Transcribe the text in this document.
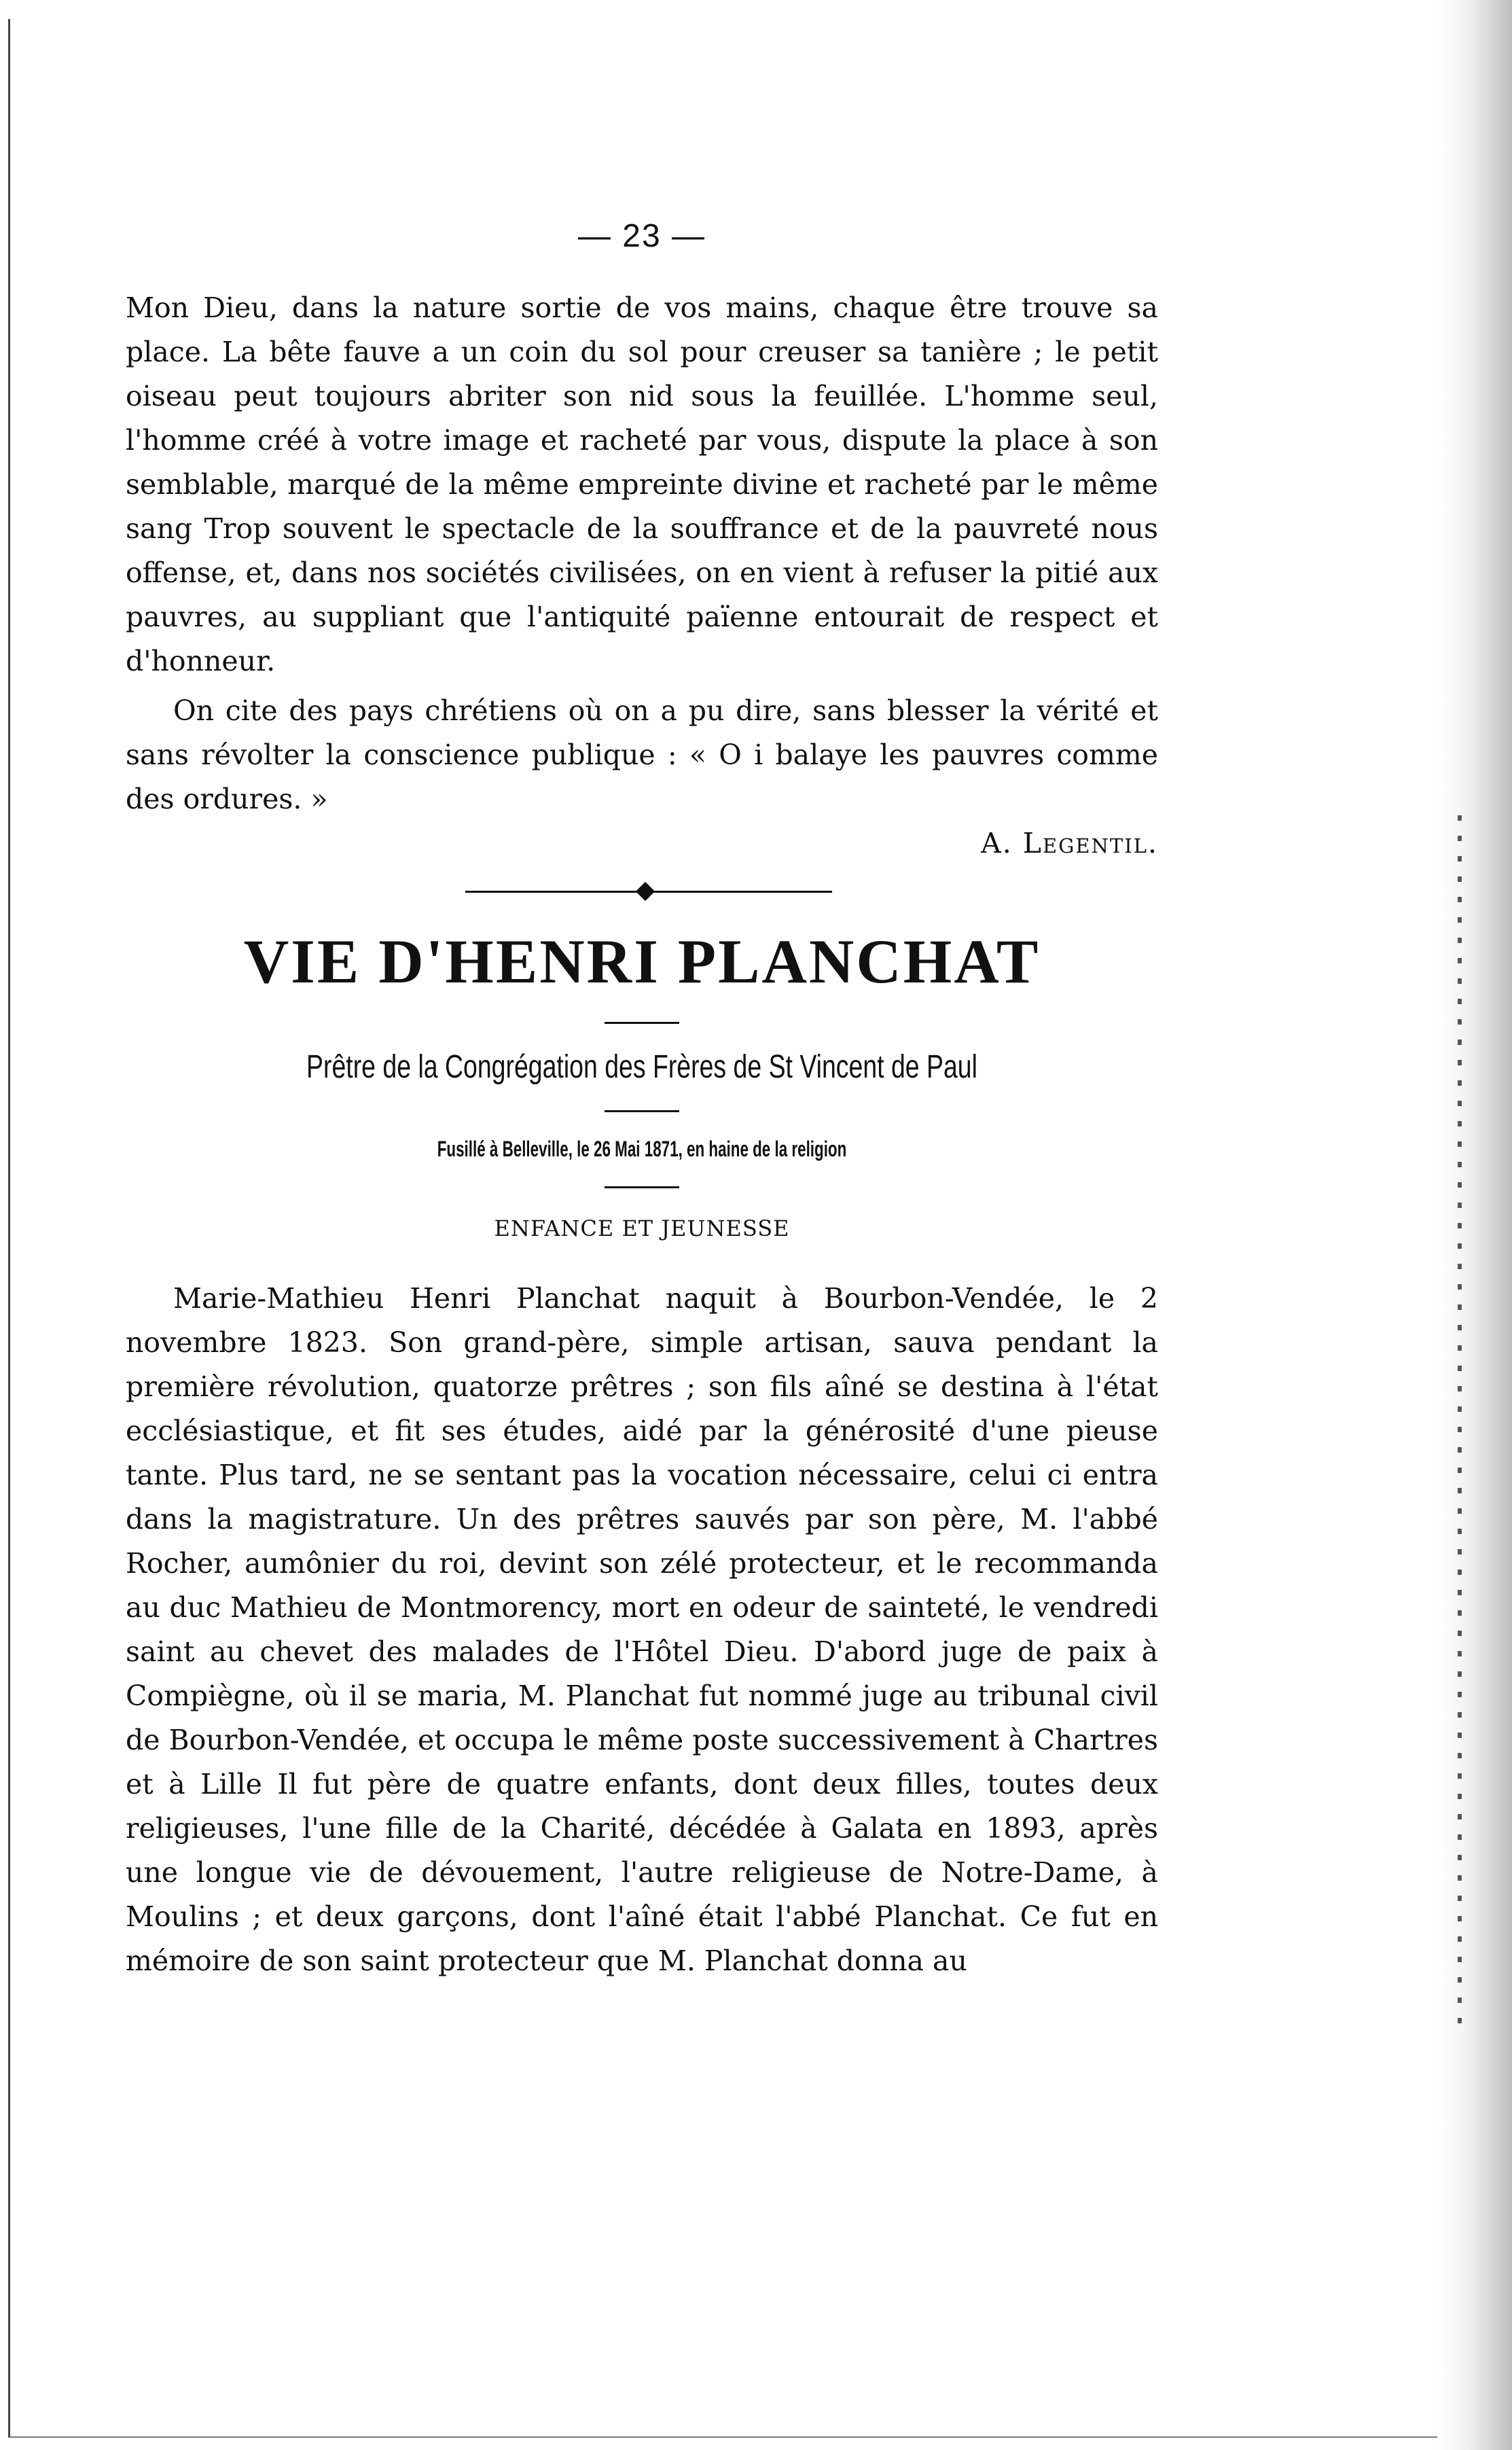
— 23 —

Mon Dieu, dans la nature sortie de vos mains, chaque être trouve sa place. La bête fauve a un coin du sol pour creuser sa tanière ; le petit oiseau peut toujours abriter son nid sous la feuillée. L'homme seul, l'homme créé à votre image et racheté par vous, dispute la place à son semblable, marqué de la même empreinte divine et racheté par le même sang Trop souvent le spectacle de la souffrance et de la pauvreté nous offense, et, dans nos sociétés civilisées, on en vient à refuser la pitié aux pauvres, au suppliant que l'antiquité païenne entourait de respect et d'honneur.

On cite des pays chrétiens où on a pu dire, sans blesser la vérité et sans révolter la conscience publique : « O i balaye les pauvres comme des ordures. »

A. Legentil.
VIE D'HENRI PLANCHAT
Prêtre de la Congrégation des Frères de St Vincent de Paul
Fusillé à Belleville, le 26 Mai 1871, en haine de la religion
ENFANCE ET JEUNESSE

Marie-Mathieu Henri Planchat naquit à Bourbon-Vendée, le 2 novembre 1823. Son grand-père, simple artisan, sauva pendant la première révolution, quatorze prêtres ; son fils aîné se destina à l'état ecclésiastique, et fit ses études, aidé par la générosité d'une pieuse tante. Plus tard, ne se sentant pas la vocation nécessaire, celui ci entra dans la magistrature. Un des prêtres sauvés par son père, M. l'abbé Rocher, aumônier du roi, devint son zélé protecteur, et le recommanda au duc Mathieu de Montmorency, mort en odeur de sainteté, le vendredi saint au chevet des malades de l'Hôtel Dieu. D'abord juge de paix à Compiègne, où il se maria, M. Planchat fut nommé juge au tribunal civil de Bourbon-Vendée, et occupa le même poste successivement à Chartres et à Lille Il fut père de quatre enfants, dont deux filles, toutes deux religieuses, l'une fille de la Charité, décédée à Galata en 1893, après une longue vie de dévouement, l'autre religieuse de Notre-Dame, à Moulins ; et deux garçons, dont l'aîné était l'abbé Planchat. Ce fut en mémoire de son saint protecteur que M. Planchat donna au
